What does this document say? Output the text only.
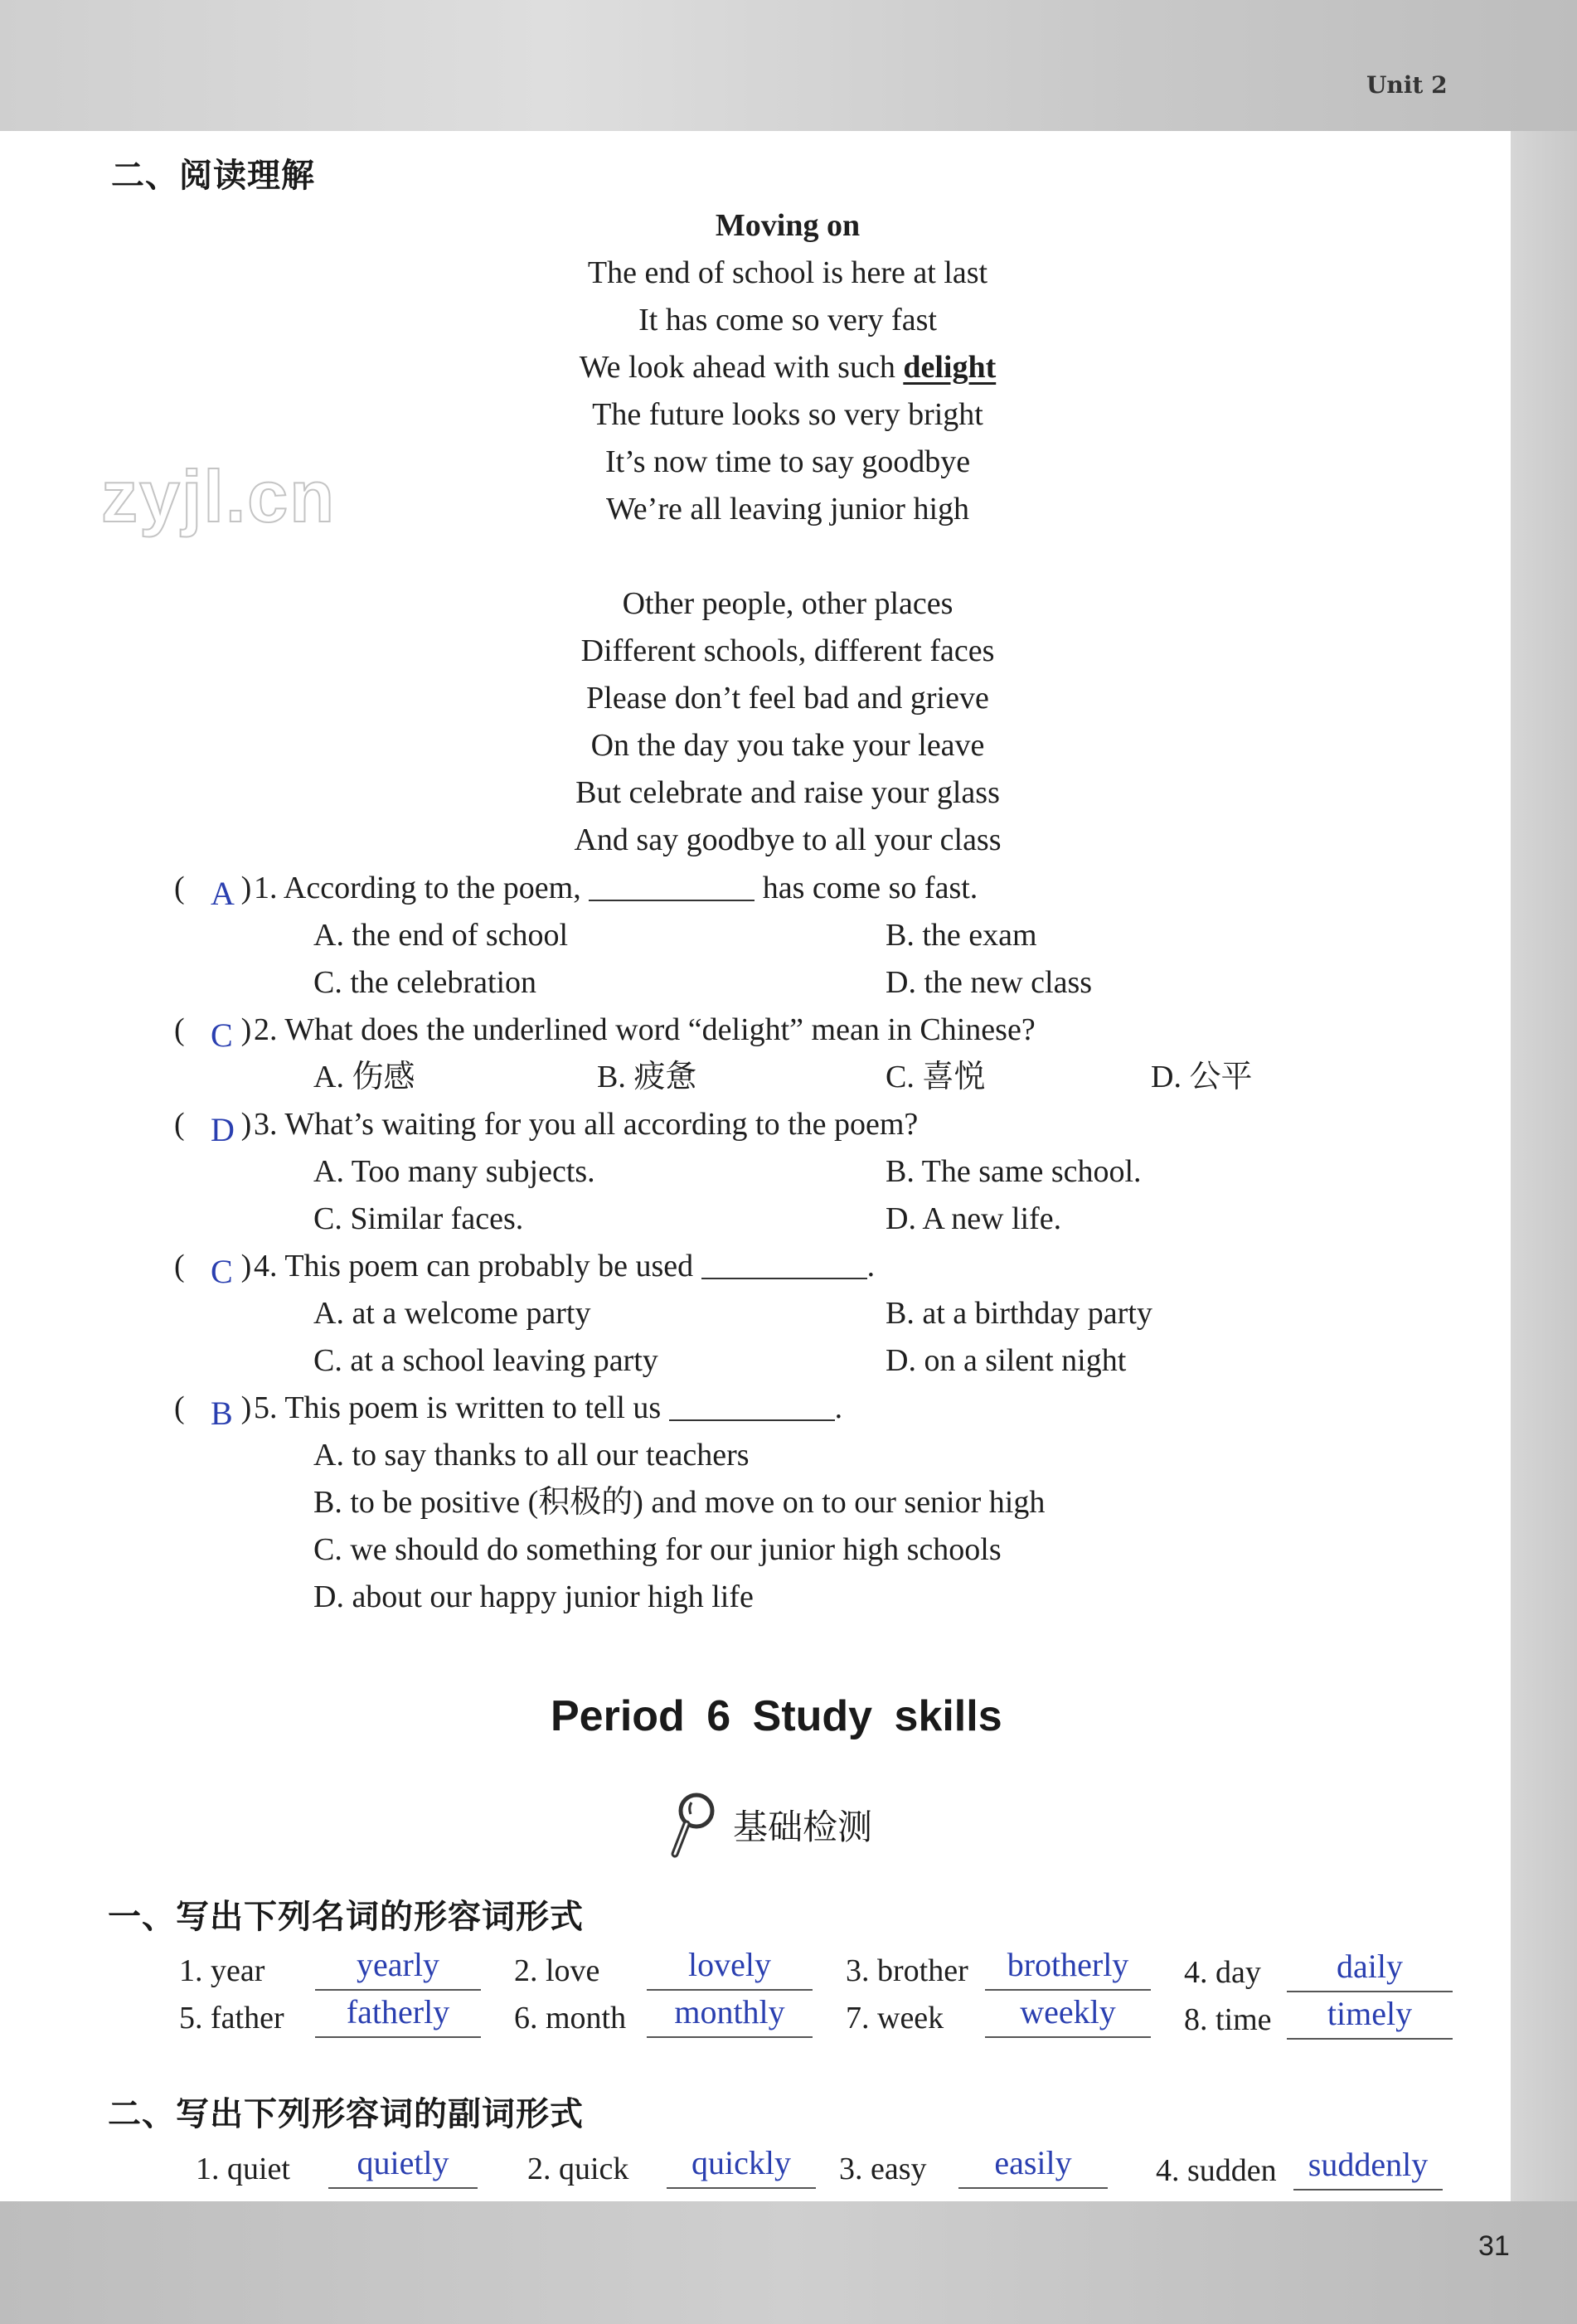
Unit 2
二、阅读理解
zyjl.cn
Moving on
The end of school is here at last
It has come so very fast
We look ahead with such delight
The future looks so very bright
It’s now time to say goodbye
We’re all leaving junior high
Other people, other places
Different schools, different faces
Please don’t feel bad and grieve
On the day you take your leave
But celebrate and raise your glass
And say goodbye to all your class
( )
A 1. According to the poem,	has come so fast.
A. the end of school	B. the exam
C. the celebration	D. the new class
( )
C 2. What does the underlined word “delight” mean in Chinese?
A. 伤感	B. 疲惫	C. 喜悦	D. 公平
( )
D 3. What’s waiting for you all according to the poem?
A. Too many subjects.	B. The same school.
C. Similar faces.	D. A new life.
( )
C 4. This poem can probably be used	.
A. at a welcome party	B. at a birthday party
C. at a school leaving party	D. on a silent night
( )
B 5. This poem is written to tell us	.
A. to say thanks to all our teachers
B. to be positive (积极的) and move on to our senior high
C. we should do something for our junior high schools
D. about our happy junior high life
Period 6 Study skills
基础检测
一、写出下列名词的形容词形式
1. year	yearly	2. love	lovely	3. brother	brotherly	4. day	daily
5. father	fatherly	6. month	monthly	7. week	weekly	8. time	timely
二、写出下列形容词的副词形式
1. quiet	quietly	2. quick	quickly	3. easy	easily	4. sudden suddenly
31
